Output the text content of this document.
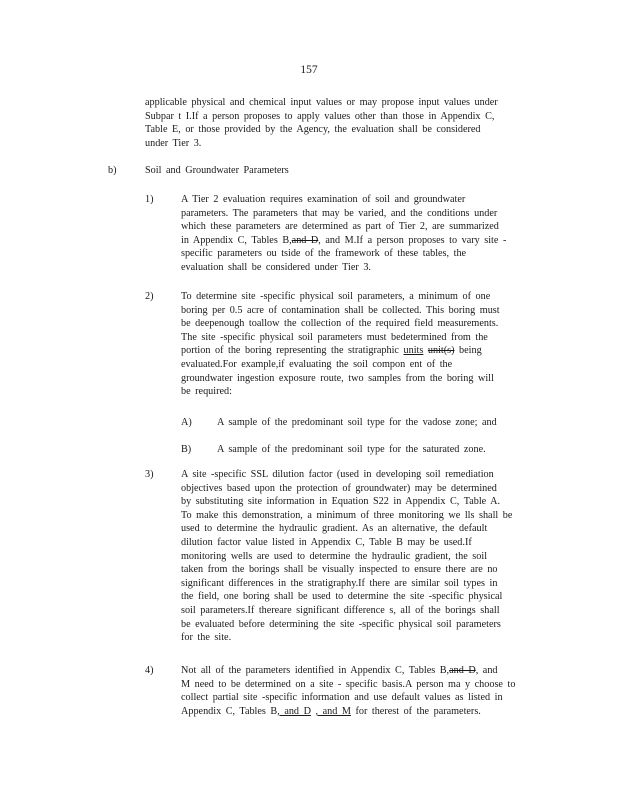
157
applicable physical and chemical input values or may propose input values under
Subpar t I.If a person proposes to apply values other than those in Appendix C,
Table E, or those provided by the Agency, the evaluation shall be considered
under Tier 3.
b)	Soil and Groundwater Parameters
1)	A Tier 2 evaluation requires examination of soil and groundwater
parameters. The parameters that may be varied, and the conditions under
which these parameters are determined as part of Tier 2, are summarized
in Appendix C, Tables B,and D, and M.If a person proposes to vary site -
specific parameters ou tside of the framework of these tables, the
evaluation shall be considered under Tier 3.
2)	To determine site -specific physical soil parameters, a minimum of one
boring per 0.5 acre of contamination shall be collected. This boring must
be deepenough toallow the collection of the required field measurements.
The site -specific physical soil parameters must bedetermined from the
portion of the boring representing the stratigraphic units unit(s) being
evaluated.For example,if evaluating the soil compon ent of the
groundwater ingestion exposure route, two samples from the boring will
be required:
A) A sample of the predominant soil type for the vadose zone; and
B)	A sample of the predominant soil type for the saturated zone.
3)	A site -specific SSL dilution factor (used in developing soil remediation
objectives based upon the protection of groundwater) may be determined
by substituting site information in Equation S22 in Appendix C, Table A.
To make this demonstration, a minimum of three monitoring we lls shall be
used to determine the hydraulic gradient. As an alternative, the default
dilution factor value listed in Appendix C, Table B may be used.If
monitoring wells are used to determine the hydraulic gradient, the soil
taken from the borings shall be visually inspected to ensure there are no
significant differences in the stratigraphy.If there are similar soil types in
the field, one boring shall be used to determine the site -specific physical
soil parameters.If thereare significant difference s, all of the borings shall
be evaluated before determining the site -specific physical soil parameters
for the site.
4)	Not all of the parameters identified in Appendix C, Tables B,and D, and
M need to be determined on a site - specific basis.A person ma y choose to
collect partial site -specific information and use default values as listed in
Appendix C, Tables B, and D , and M for therest of the parameters.
